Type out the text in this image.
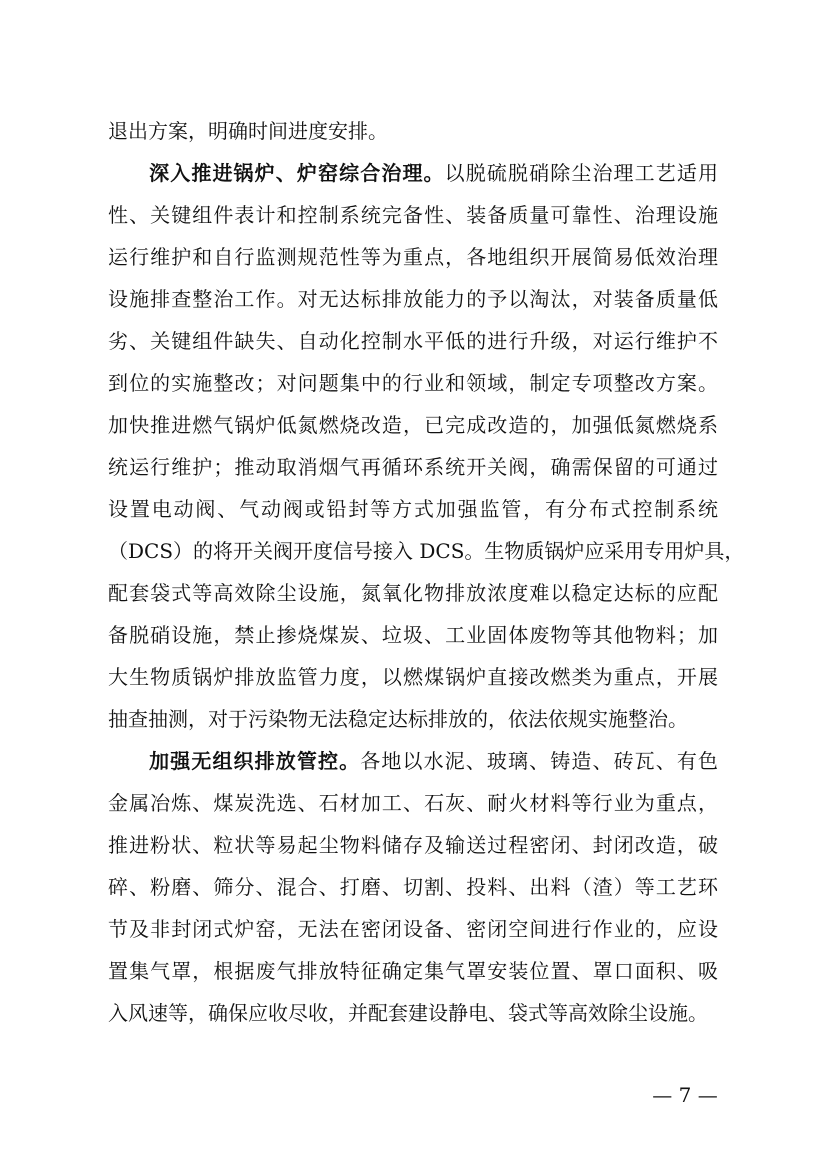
退出方案，明确时间进度安排。
深入推进锅炉、炉窑综合治理。以脱硫脱硝除尘治理工艺适用
性、关键组件表计和控制系统完备性、装备质量可靠性、治理设施
运行维护和自行监测规范性等为重点，各地组织开展简易低效治理
设施排查整治工作。对无达标排放能力的予以淘汰，对装备质量低
劣、关键组件缺失、自动化控制水平低的进行升级，对运行维护不
到位的实施整改；对问题集中的行业和领域，制定专项整改方案。
加快推进燃气锅炉低氮燃烧改造，已完成改造的，加强低氮燃烧系
统运行维护；推动取消烟气再循环系统开关阀，确需保留的可通过
设置电动阀、气动阀或铅封等方式加强监管，有分布式控制系统
（DCS）的将开关阀开度信号接入 DCS。生物质锅炉应采用专用炉具，
配套袋式等高效除尘设施，氮氧化物排放浓度难以稳定达标的应配
备脱硝设施，禁止掺烧煤炭、垃圾、工业固体废物等其他物料；加
大生物质锅炉排放监管力度，以燃煤锅炉直接改燃类为重点，开展
抽查抽测，对于污染物无法稳定达标排放的，依法依规实施整治。
加强无组织排放管控。各地以水泥、玻璃、铸造、砖瓦、有色
金属冶炼、煤炭洗选、石材加工、石灰、耐火材料等行业为重点，
推进粉状、粒状等易起尘物料储存及输送过程密闭、封闭改造，破
碎、粉磨、筛分、混合、打磨、切割、投料、出料（渣）等工艺环
节及非封闭式炉窑，无法在密闭设备、密闭空间进行作业的，应设
置集气罩，根据废气排放特征确定集气罩安装位置、罩口面积、吸
入风速等，确保应收尽收，并配套建设静电、袋式等高效除尘设施。
— 7 —
